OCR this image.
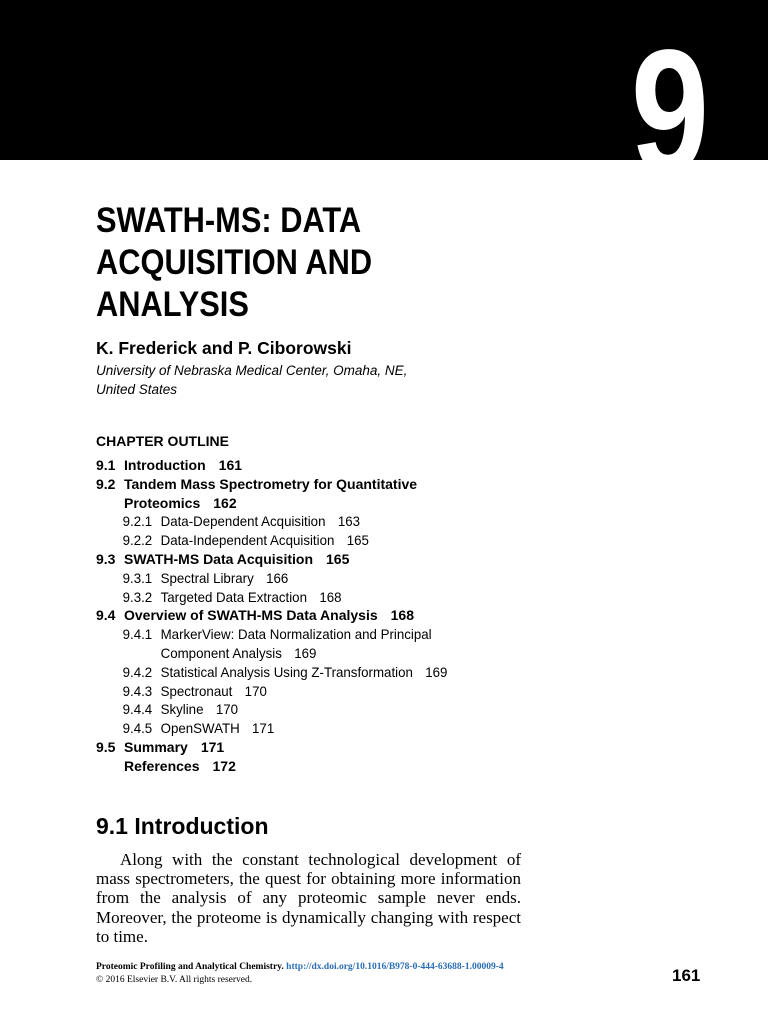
9
SWATH-MS: DATA
ACQUISITION AND
ANALYSIS
K. Frederick and P. Ciborowski
University of Nebraska Medical Center, Omaha, NE,
United States
CHAPTER OUTLINE
9.1 Introduction 161
9.2 Tandem Mass Spectrometry for Quantitative
Proteomics 162
9.2.1 Data-Dependent Acquisition 163
9.2.2 Data-Independent Acquisition 165
9.3 SWATH-MS Data Acquisition 165
9.3.1 Spectral Library 166
9.3.2 Targeted Data Extraction 168
9.4 Overview of SWATH-MS Data Analysis 168
9.4.1 MarkerView: Data Normalization and Principal
Component Analysis 169
9.4.2 Statistical Analysis Using Z-Transformation 169
9.4.3 Spectronaut 170
9.4.4 Skyline 170
9.4.5 OpenSWATH 171
9.5 Summary 171
References 172
9.1 Introduction

Along with the constant technological development of mass spectrometers, the quest for obtaining more information from the analysis of any proteomic sample never ends. Moreover, the proteome is dynamically changing with respect to time.

Proteomic Profiling and Analytical Chemistry. http://dx.doi.org/10.1016/B978-0-444-63688-1.00009-4
© 2016 Elsevier B.V. All rights reserved.	161
